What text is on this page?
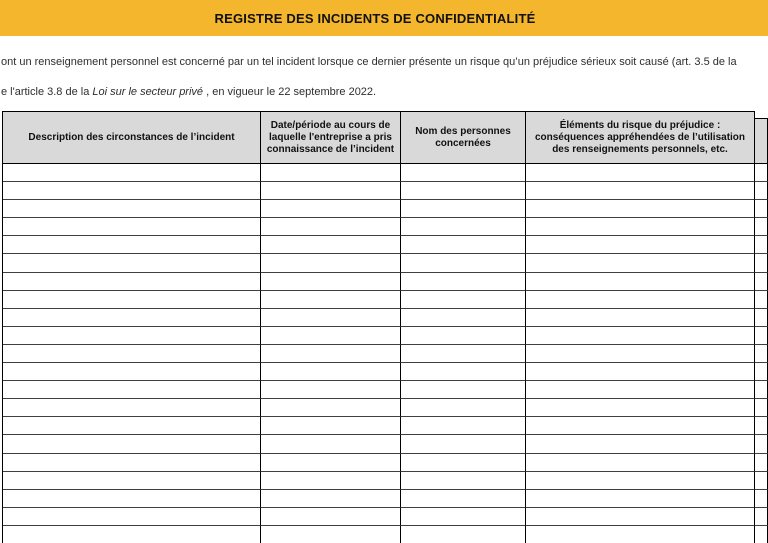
REGISTRE DES INCIDENTS DE CONFIDENTIALITÉ
ont un renseignement personnel est concerné par un tel incident lorsque ce dernier présente un risque qu’un préjudice sérieux soit causé (art. 3.5 de la
e l'article 3.8 de la Loi sur le secteur privé , en vigueur le 22 septembre 2022.
Description des circonstances de l’incident
Date/période au cours de laquelle l'entreprise a pris connaissance de l’incident
Nom des personnes concernées
Éléments du risque du préjudice : conséquences appréhendées de l’utilisation des renseignements personnels, etc.
